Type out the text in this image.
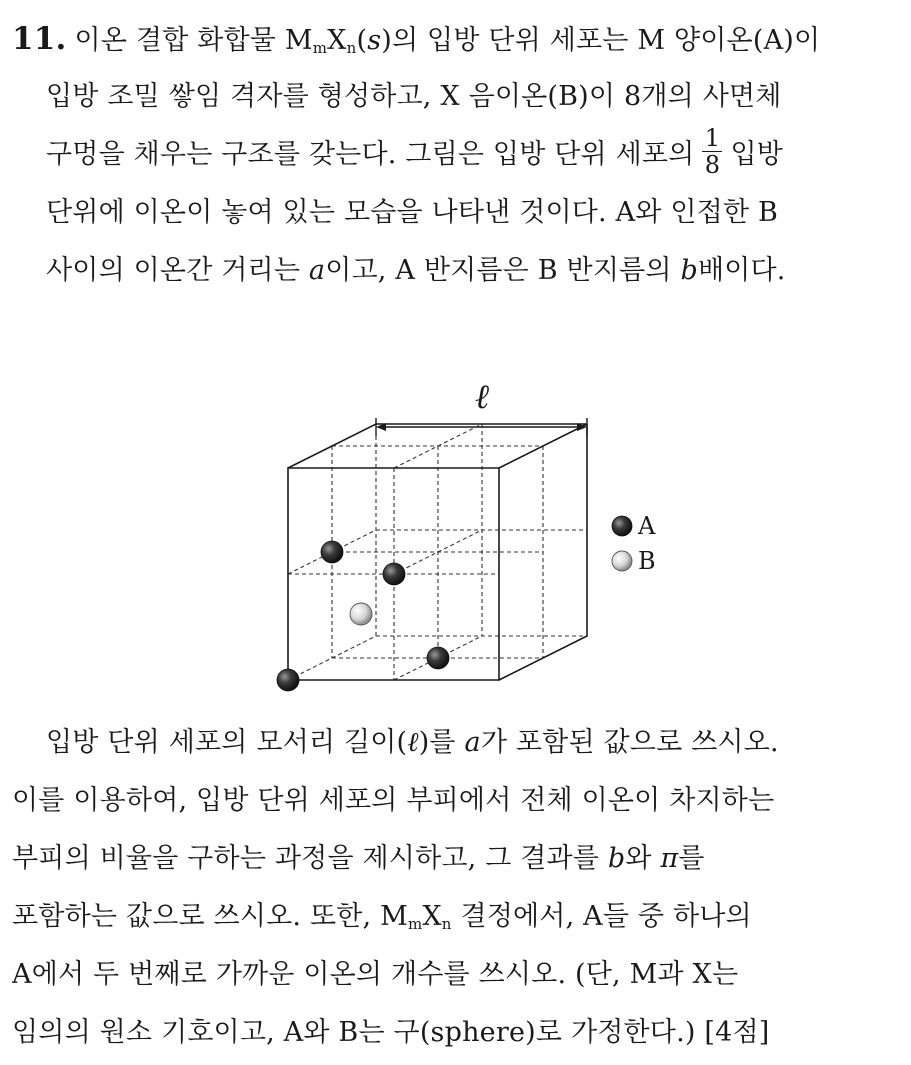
11. 이온 결합 화합물 $M_mX_n(s)$의 입방 단위 세포는 M 양이온(A)이
입방 조밀 쌓임 격자를 형성하고, X 음이온(B)이 8개의 사면체
구멍을 채우는 구조를 갖는다. 그림은 입방 단위 세포의 $\frac{1}{8}$ 입방
단위에 이온이 놓여 있는 모습을 나타낸 것이다. A와 인접한 B
사이의 이온간 거리는 a이고, A 반지름은 B 반지름의 b배이다.
ℓ
A
B
입방 단위 세포의 모서리 길이(ℓ)를 a가 포함된 값으로 쓰시오.
이를 이용하여, 입방 단위 세포의 부피에서 전체 이온이 차지하는
부피의 비율을 구하는 과정을 제시하고, 그 결과를 b와 π를
포함하는 값으로 쓰시오. 또한, $M_mX_n$ 결정에서, A들 중 하나의
A에서 두 번째로 가까운 이온의 개수를 쓰시오. (단, M과 X는
임의의 원소 기호이고, A와 B는 구(sphere)로 가정한다.) [4점]
